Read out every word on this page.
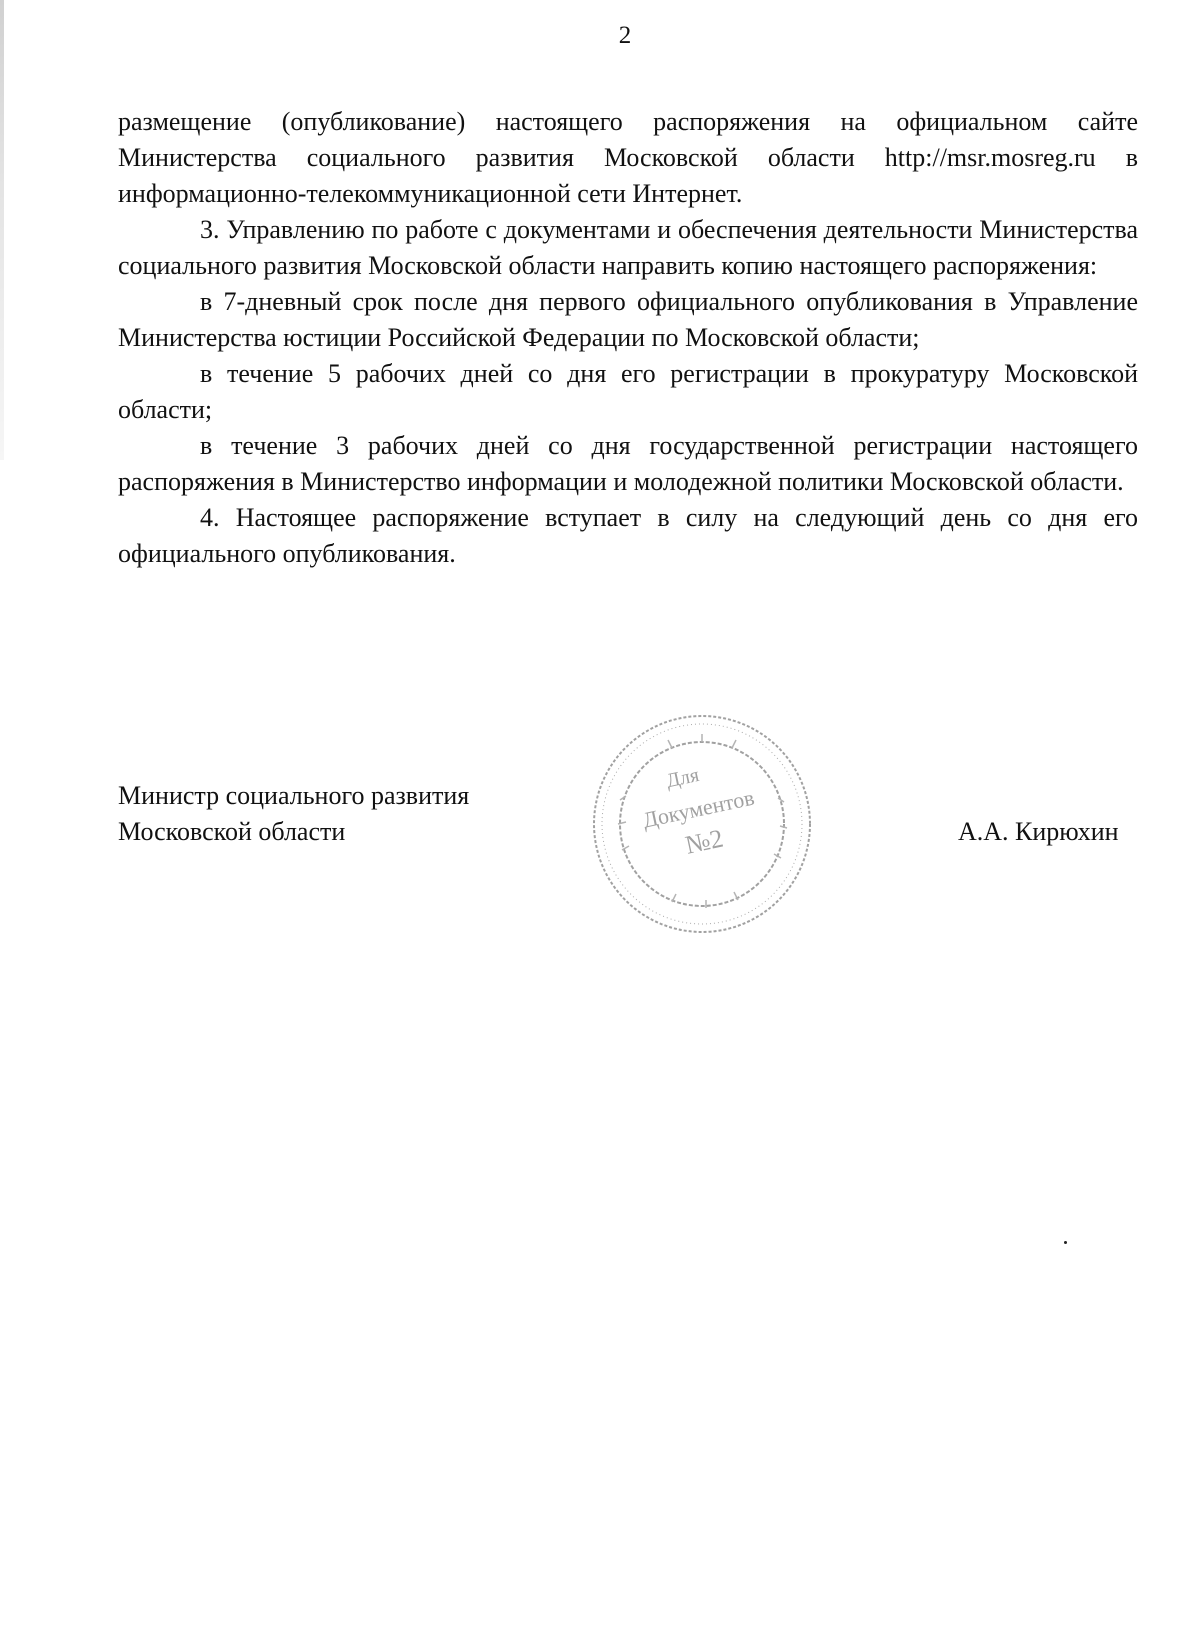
2

размещение (опубликование) настоящего распоряжения на официальном сайте Министерства социального развития Московской области http://msr.mosreg.ru в информационно-телекоммуникационной сети Интернет.

3. Управлению по работе с документами и обеспечения деятельности Министерства социального развития Московской области направить копию настоящего распоряжения:

в 7-дневный срок после дня первого официального опубликования в Управление Министерства юстиции Российской Федерации по Московской области;

в течение 5 рабочих дней со дня его регистрации в прокуратуру Московской области;

в течение 3 рабочих дней со дня государственной регистрации настоящего распоряжения в Министерство информации и молодежной политики Московской области.

4. Настоящее распоряжение вступает в силу на следующий день со дня его официального опубликования.

Министр социального развития
Московской области	А.А. Кирюхин
Для
Документов
№2
